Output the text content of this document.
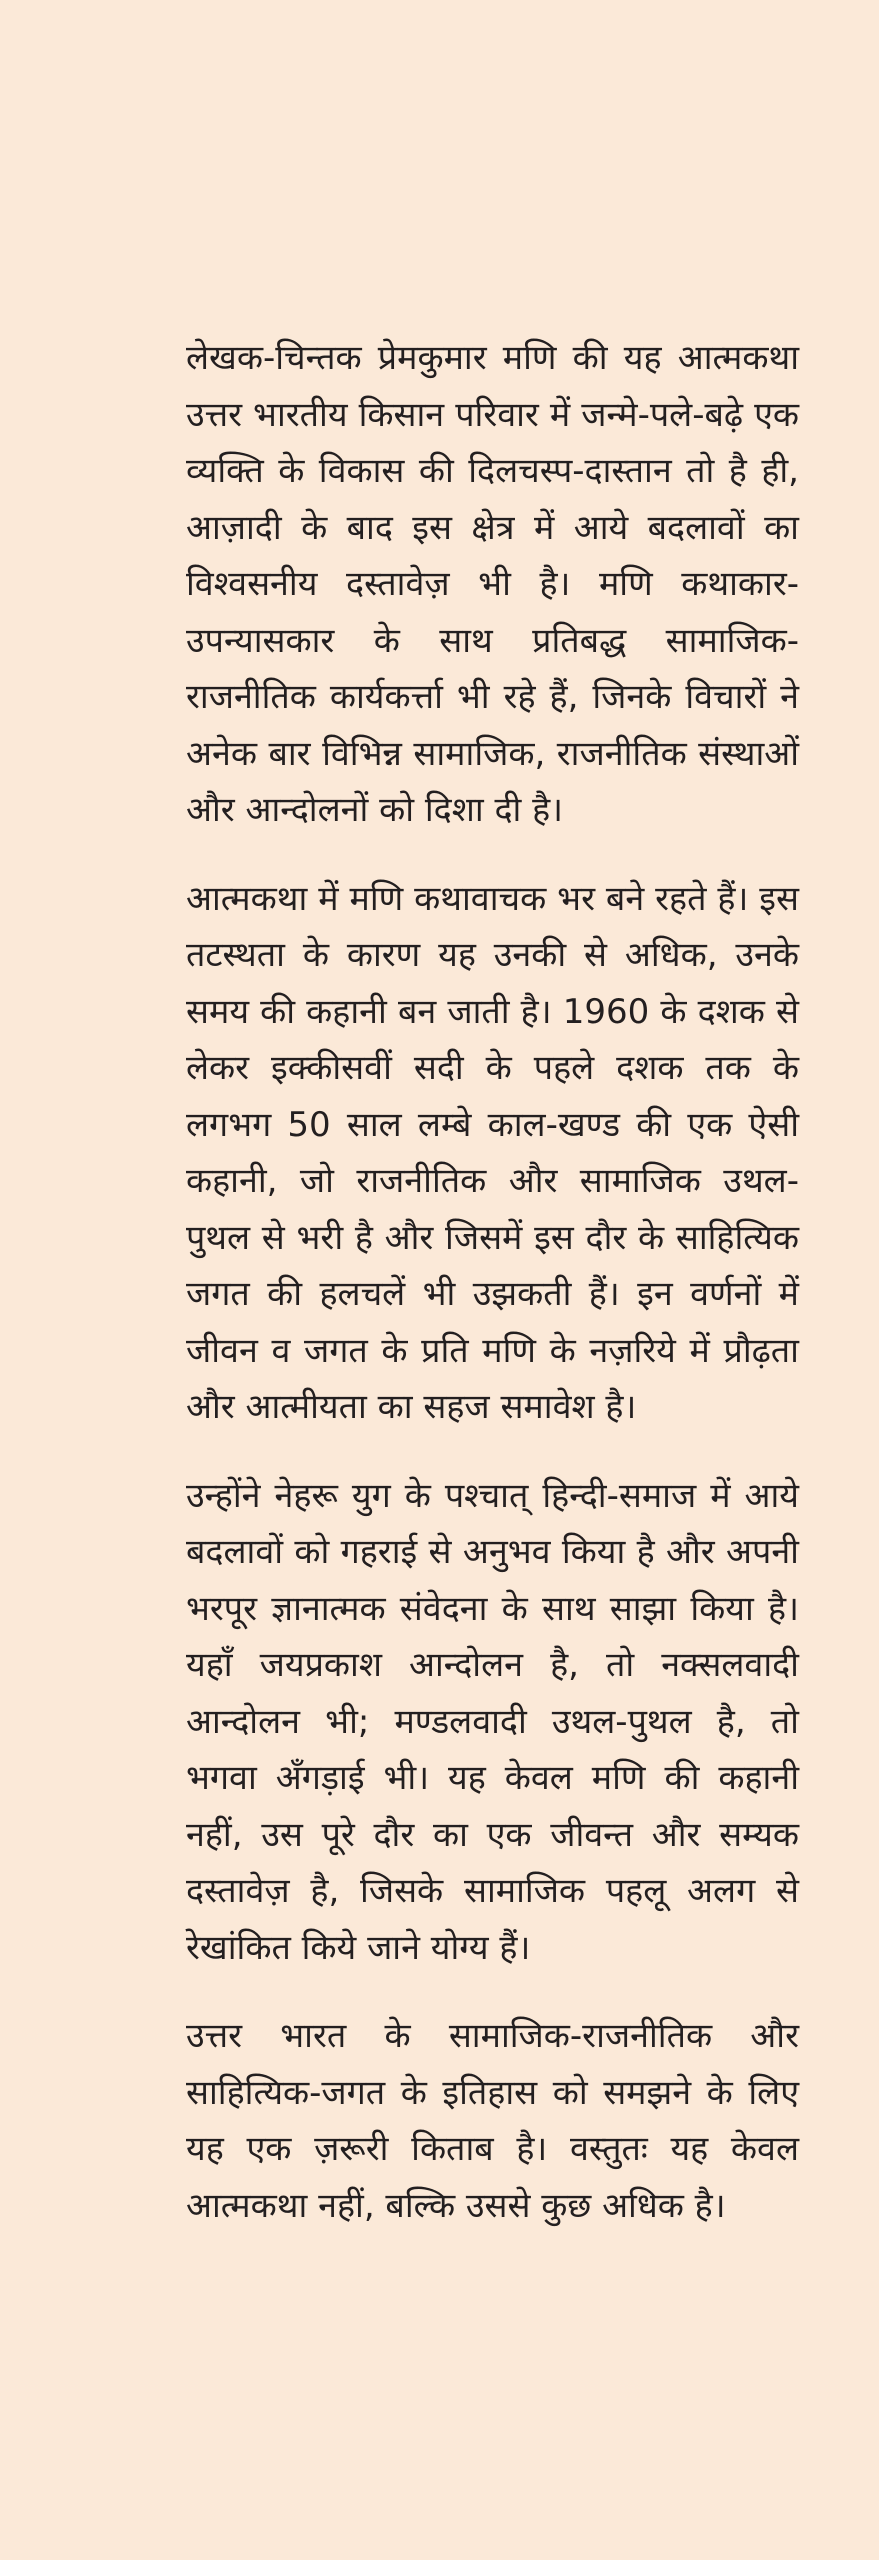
लेखक-चिन्तक प्रेमकुमार मणि की यह आत्मकथा उत्तर भारतीय किसान परिवार में जन्मे-पले-बढ़े एक व्यक्ति के विकास की दिलचस्प-दास्तान तो है ही, आज़ादी के बाद इस क्षेत्र में आये बदलावों का विश्वसनीय दस्तावेज़ भी है। मणि कथाकार-उपन्यासकार के साथ प्रतिबद्ध सामाजिक-राजनीतिक कार्यकर्त्ता भी रहे हैं, जिनके विचारों ने अनेक बार विभिन्न सामाजिक, राजनीतिक संस्थाओं और आन्दोलनों को दिशा दी है।

आत्मकथा में मणि कथावाचक भर बने रहते हैं। इस तटस्थता के कारण यह उनकी से अधिक, उनके समय की कहानी बन जाती है। 1960 के दशक से लेकर इक्कीसवीं सदी के पहले दशक तक के लगभग 50 साल लम्बे काल-खण्ड की एक ऐसी कहानी, जो राजनीतिक और सामाजिक उथल-पुथल से भरी है और जिसमें इस दौर के साहित्यिक जगत की हलचलें भी उझकती हैं। इन वर्णनों में जीवन व जगत के प्रति मणि के नज़रिये में प्रौढ़ता और आत्मीयता का सहज समावेश है।

उन्होंने नेहरू युग के पश्चात् हिन्दी-समाज में आये बदलावों को गहराई से अनुभव किया है और अपनी भरपूर ज्ञानात्मक संवेदना के साथ साझा किया है। यहाँ जयप्रकाश आन्दोलन है, तो नक्सलवादी आन्दोलन भी; मण्डलवादी उथल-पुथल है, तो भगवा अँगड़ाई भी। यह केवल मणि की कहानी नहीं, उस पूरे दौर का एक जीवन्त और सम्यक दस्तावेज़ है, जिसके सामाजिक पहलू अलग से रेखांकित किये जाने योग्य हैं।

उत्तर भारत के सामाजिक-राजनीतिक और साहित्यिक-जगत के इतिहास को समझने के लिए यह एक ज़रूरी किताब है। वस्तुतः यह केवल आत्मकथा नहीं, बल्कि उससे कुछ अधिक है।
